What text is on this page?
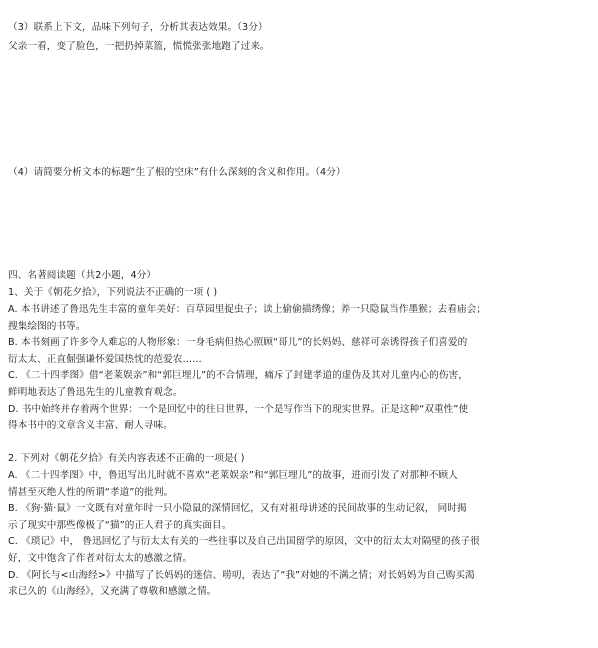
（3）联系上下文，品味下列句子，分析其表达效果。（3分）
父亲一看，变了脸色，一把扔掉菜篮，慌慌张张地跑了过来。
（4）请简要分析文本的标题“生了根的空床”有什么深刻的含义和作用。（4分）
四、名著阅读题（共2小题，4分）
1、关于《朝花夕拾》，下列说法不正确的一项 ( )
A. 本书讲述了鲁迅先生丰富的童年美好：百草园里捉虫子；读上偷偷描绣像；养一只隐鼠当作墨猴；去看庙会；
搜集绘图的书等。
B. 本书刻画了许多令人难忘的人物形象：一身毛病但热心照顾“哥儿”的长妈妈、慈祥可亲诱得孩子们喜爱的
衍太太、正直倔强谦怀爱国热忱的范爱农……
C. 《二十四孝图》借“老莱娱亲”和“郭巨埋儿”的不合情理，痛斥了封建孝道的虚伪及其对儿童内心的伤害，
鲜明地表达了鲁迅先生的儿童教育观念。
D. 书中始终并存着两个世界：一个是回忆中的往日世界，一个是写作当下的现实世界。正是这种“双重性”使
得本书中的文章含义丰富、耐人寻味。
2. 下列对《朝花夕拾》有关内容表述不正确的一项是( )
A. 《二十四孝图》中，鲁迅写出儿时就不喜欢“老莱娱亲”和“郭巨埋儿”的故事，进而引发了对那种不顾人
情甚至灭绝人性的所谓“孝道”的批判。
B. 《狗·猫·鼠》一文既有对童年时一只小隐鼠的深情回忆，又有对祖母讲述的民间故事的生动记叙， 同时揭
示了现实中那些像极了“猫”的正人君子的真实面目。
C. 《琐记》中， 鲁迅回忆了与衍太太有关的一些往事以及自己出国留学的原因，文中的衍太太对隔壁的孩子很
好，文中饱含了作者对衍太太的感激之情。
D. 《阿长与<山海经>》中描写了长妈妈的迷信、唠叨，表达了“我”对她的不满之情；对长妈妈为自己购买渴
求已久的《山海经》，又充满了尊敬和感激之情。
